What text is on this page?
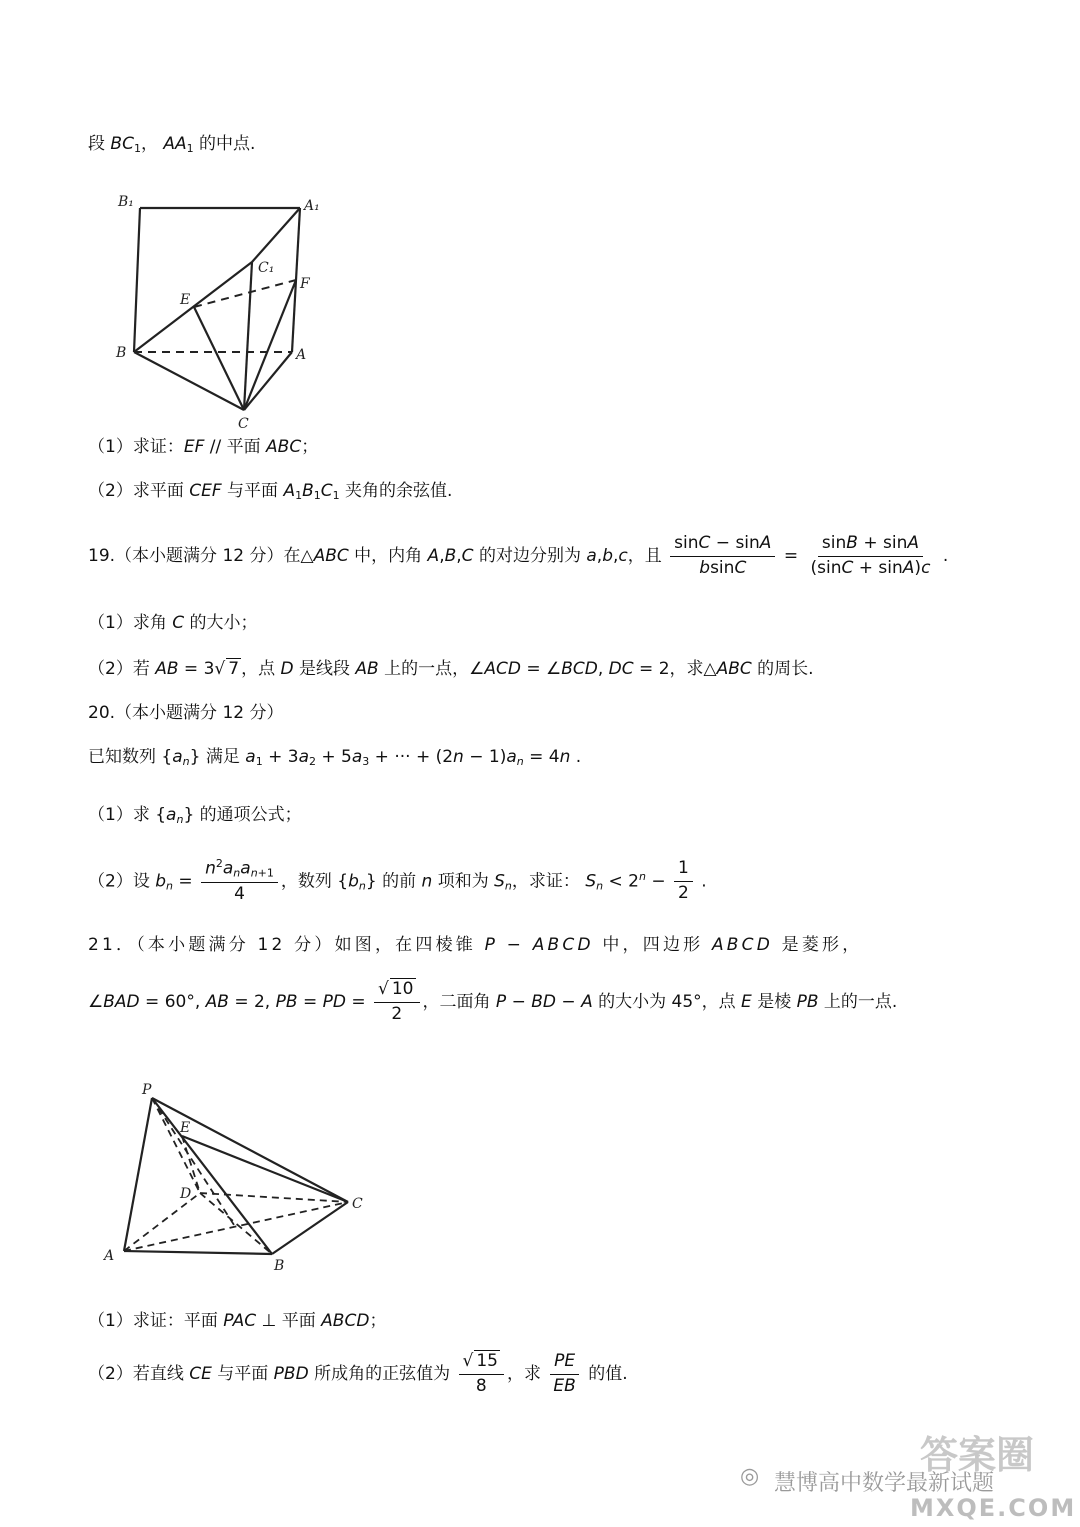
段 $BC_1$， $AA_1$ 的中点.
B₁	A₁
C₁
E
F
B	A
C
（1）求证：EF // 平面 ABC；
（2）求平面 CEF 与平面 $A_1B_1C_1$ 夹角的余弦值.
19.（本小题满分 12 分）在△ABC 中，内角 A,B,C 的对边分别为 a,b,c，且 $\frac{\sin C - \sin A}{bsinC} = \frac{\sin B + \sin A}{(\sin C + \sin A)c}$ .
（1）求角 C 的大小；
（2）若 AB = 3√ 7 ，点 D 是线段 AB 上的一点，∠ACD = ∠BCD, DC = 2，求△ABC 的周长.
20.（本小题满分 12 分）
已知数列 $\{a_n\}$ 满足 $a_1 + 3a_2 + 5a_3$ + ··· + $(2n - 1)a_n = 4n$ .
（1）求 $\{a_n\}$ 的通项公式；
（2）设 $b_n = \frac{n^2a_na_{n+1}}{4}$ ，数列 $\{b_n\}$ 的前 n 项和为 $S_n$，求证： $S_n < 2^n - \frac{1}{2}$ .
21．（本小题满分 12 分）如图，在四棱锥 P − ABCD 中，四边形 ABCD 是菱形，
∠BAD = 60°, AB = 2, PB = PD = $\frac{√ 10}{2}$ ，二面角 P − BD − A 的大小为 45°，点 E 是棱 PB 上的一点.
P
E
D
C
A
B
（1）求证：平面 PAC ⊥ 平面 ABCD；
（2）若直线 CE 与平面 PBD 所成角的正弦值为 $\frac{√ 15}{8}$ ，求 $\frac{PE}{EB}$ 的值.
◎ 慧博高中数学最新试题
答案圈
MXQE.COM
